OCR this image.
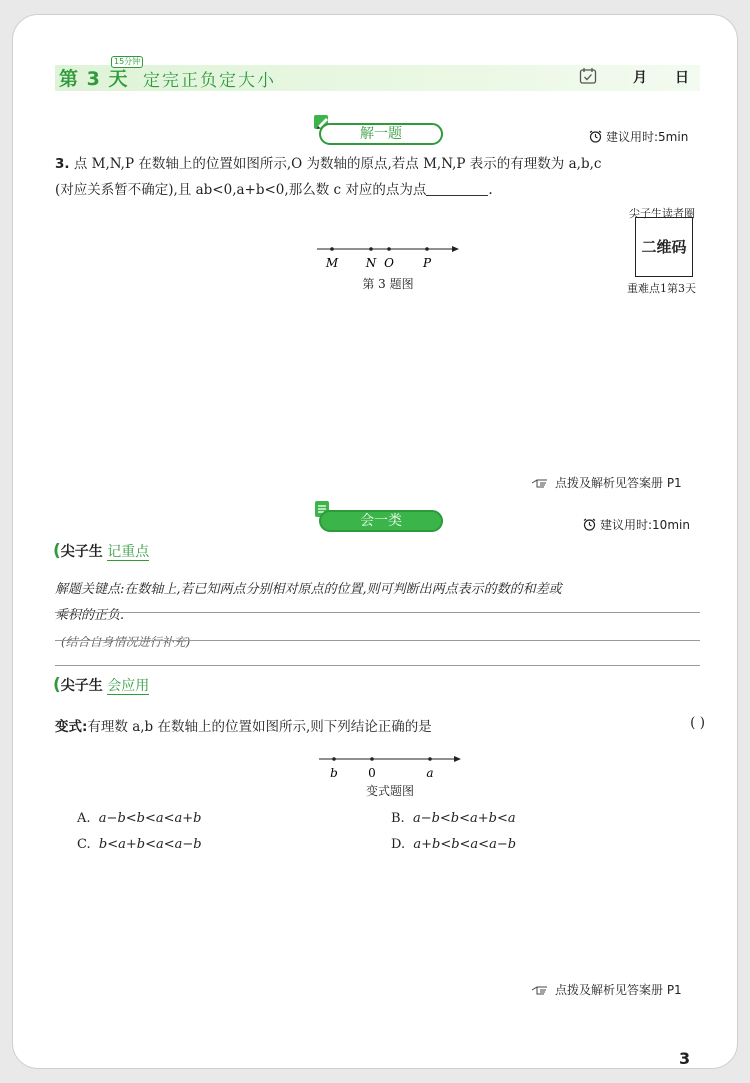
第 3 天
15分钟
定完正负定大小	月 日
解一题	建议用时:5min
3. 点 M,N,P 在数轴上的位置如图所示,O 为数轴的原点,若点 M,N,P 表示的有理数为 a,b,c
(对应关系暂不确定),且 ab<0,a+b<0,那么数 c 对应的点为点	.
尖子生读者圈
二维码
重难点1第3天
M N O P
第 3 题图
点拨及解析见答案册 P1
会一类	建议用时:10min
(尖子生 记重点
解题关键点:在数轴上,若已知两点分别相对原点的位置,则可判断出两点表示的数的和差或
乘积的正负.
(结合自身情况进行补充)
(尖子生 会应用
变式:有理数 a,b 在数轴上的位置如图所示,则下列结论正确的是	( )
b	0	a
变式题图
A. a−b<b<a<a+b	B. a−b<b<a+b<a
C. b<a+b<a<a−b	D. a+b<b<a<a−b
点拨及解析见答案册 P1
3
